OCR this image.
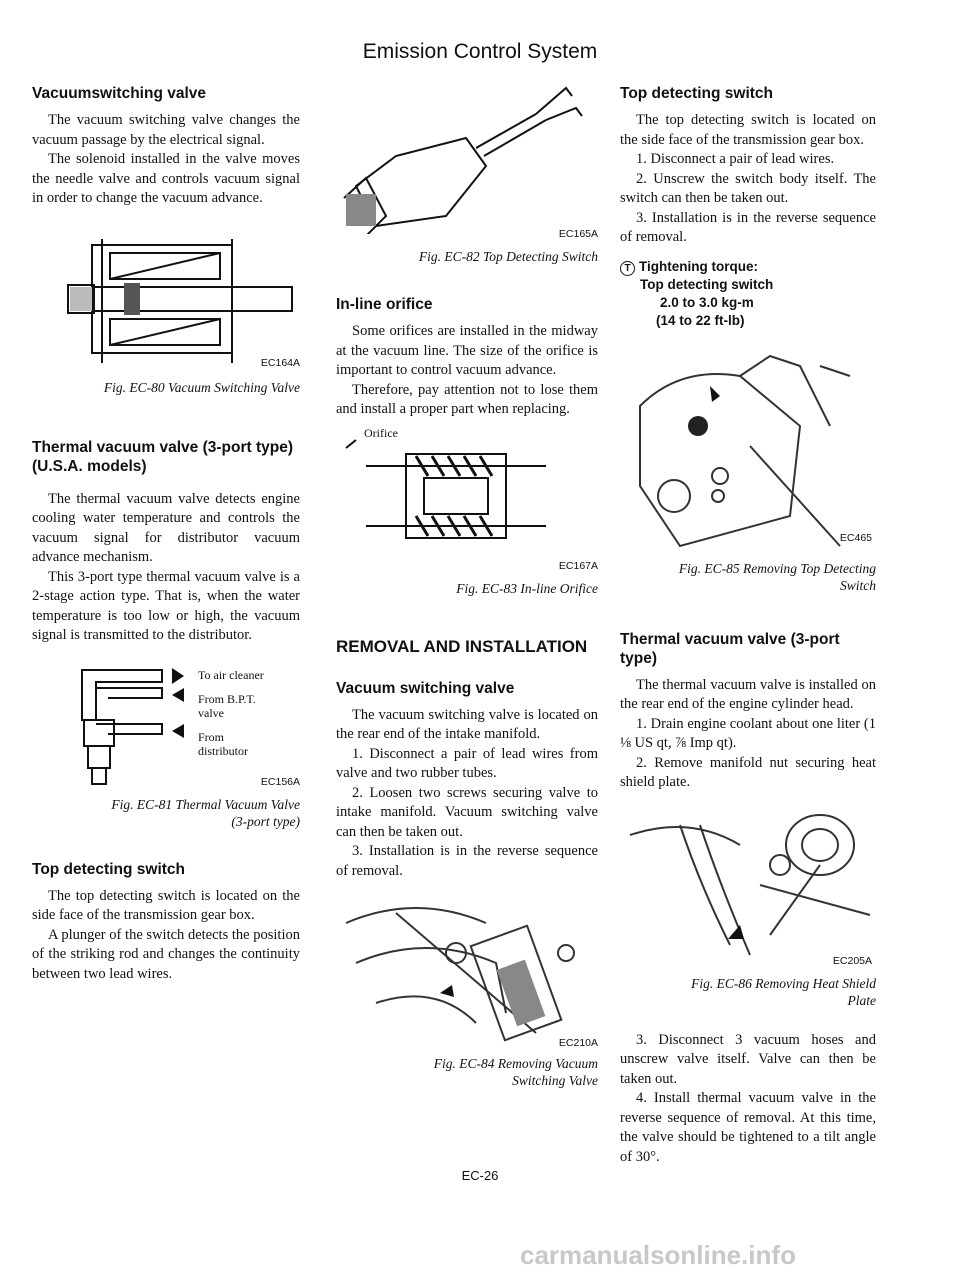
Emission Control System
Vacuumswitching valve

The vacuum switching valve changes the vacuum passage by the electrical signal.

The solenoid installed in the valve moves the needle valve and controls vacuum signal in order to change the vacuum advance.

EC164A
Fig. EC-80 Vacuum Switching Valve
Thermal vacuum valve (3-port type) (U.S.A. models)

The thermal vacuum valve detects engine cooling water temperature and controls the vacuum signal for distributor vacuum advance mechanism.

This 3-port type thermal vacuum valve is a 2-stage action type. That is, when the water temperature is too low or high, the vacuum signal is transmitted to the distributor.

To air cleaner
From B.P.T. valve
From distributor
EC156A
Fig. EC-81 Thermal Vacuum Valve
(3-port type)
Top detecting switch

The top detecting switch is located on the side face of the transmission gear box.

A plunger of the switch detects the position of the striking rod and changes the continuity between two lead wires.

EC165A
Fig. EC-82 Top Detecting Switch
In-line orifice

Some orifices are installed in the midway at the vacuum line. The size of the orifice is important to control vacuum advance.

Therefore, pay attention not to lose them and install a proper part when replacing.

Orifice
EC167A
Fig. EC-83 In-line Orifice
REMOVAL AND INSTALLATION
Vacuum switching valve

The vacuum switching valve is located on the rear end of the intake manifold.

1. Disconnect a pair of lead wires from valve and two rubber tubes.

2. Loosen two screws securing valve to intake manifold. Vacuum switching valve can then be taken out.

3. Installation is in the reverse sequence of removal.

EC210A
Fig. EC-84 Removing Vacuum
Switching Valve
Top detecting switch

The top detecting switch is located on the side face of the transmission gear box.

1. Disconnect a pair of lead wires.

2. Unscrew the switch body itself. The switch can then be taken out.

3. Installation is in the reverse sequence of removal.

T Tightening torque:
Top detecting switch
2.0 to 3.0 kg-m
(14 to 22 ft-lb)
EC465
Fig. EC-85 Removing Top Detecting
Switch
Thermal vacuum valve (3-port type)

The thermal vacuum valve is installed on the rear end of the engine cylinder head.

1. Drain engine coolant about one liter (1 ⅛ US qt, ⅞ Imp qt).

2. Remove manifold nut securing heat shield plate.

EC205A
Fig. EC-86 Removing Heat Shield
Plate

3. Disconnect 3 vacuum hoses and unscrew valve itself. Valve can then be taken out.

4. Install thermal vacuum valve in the reverse sequence of removal. At this time, the valve should be tightened to a tilt angle of 30°.

EC-26
carmanualsonline.info
